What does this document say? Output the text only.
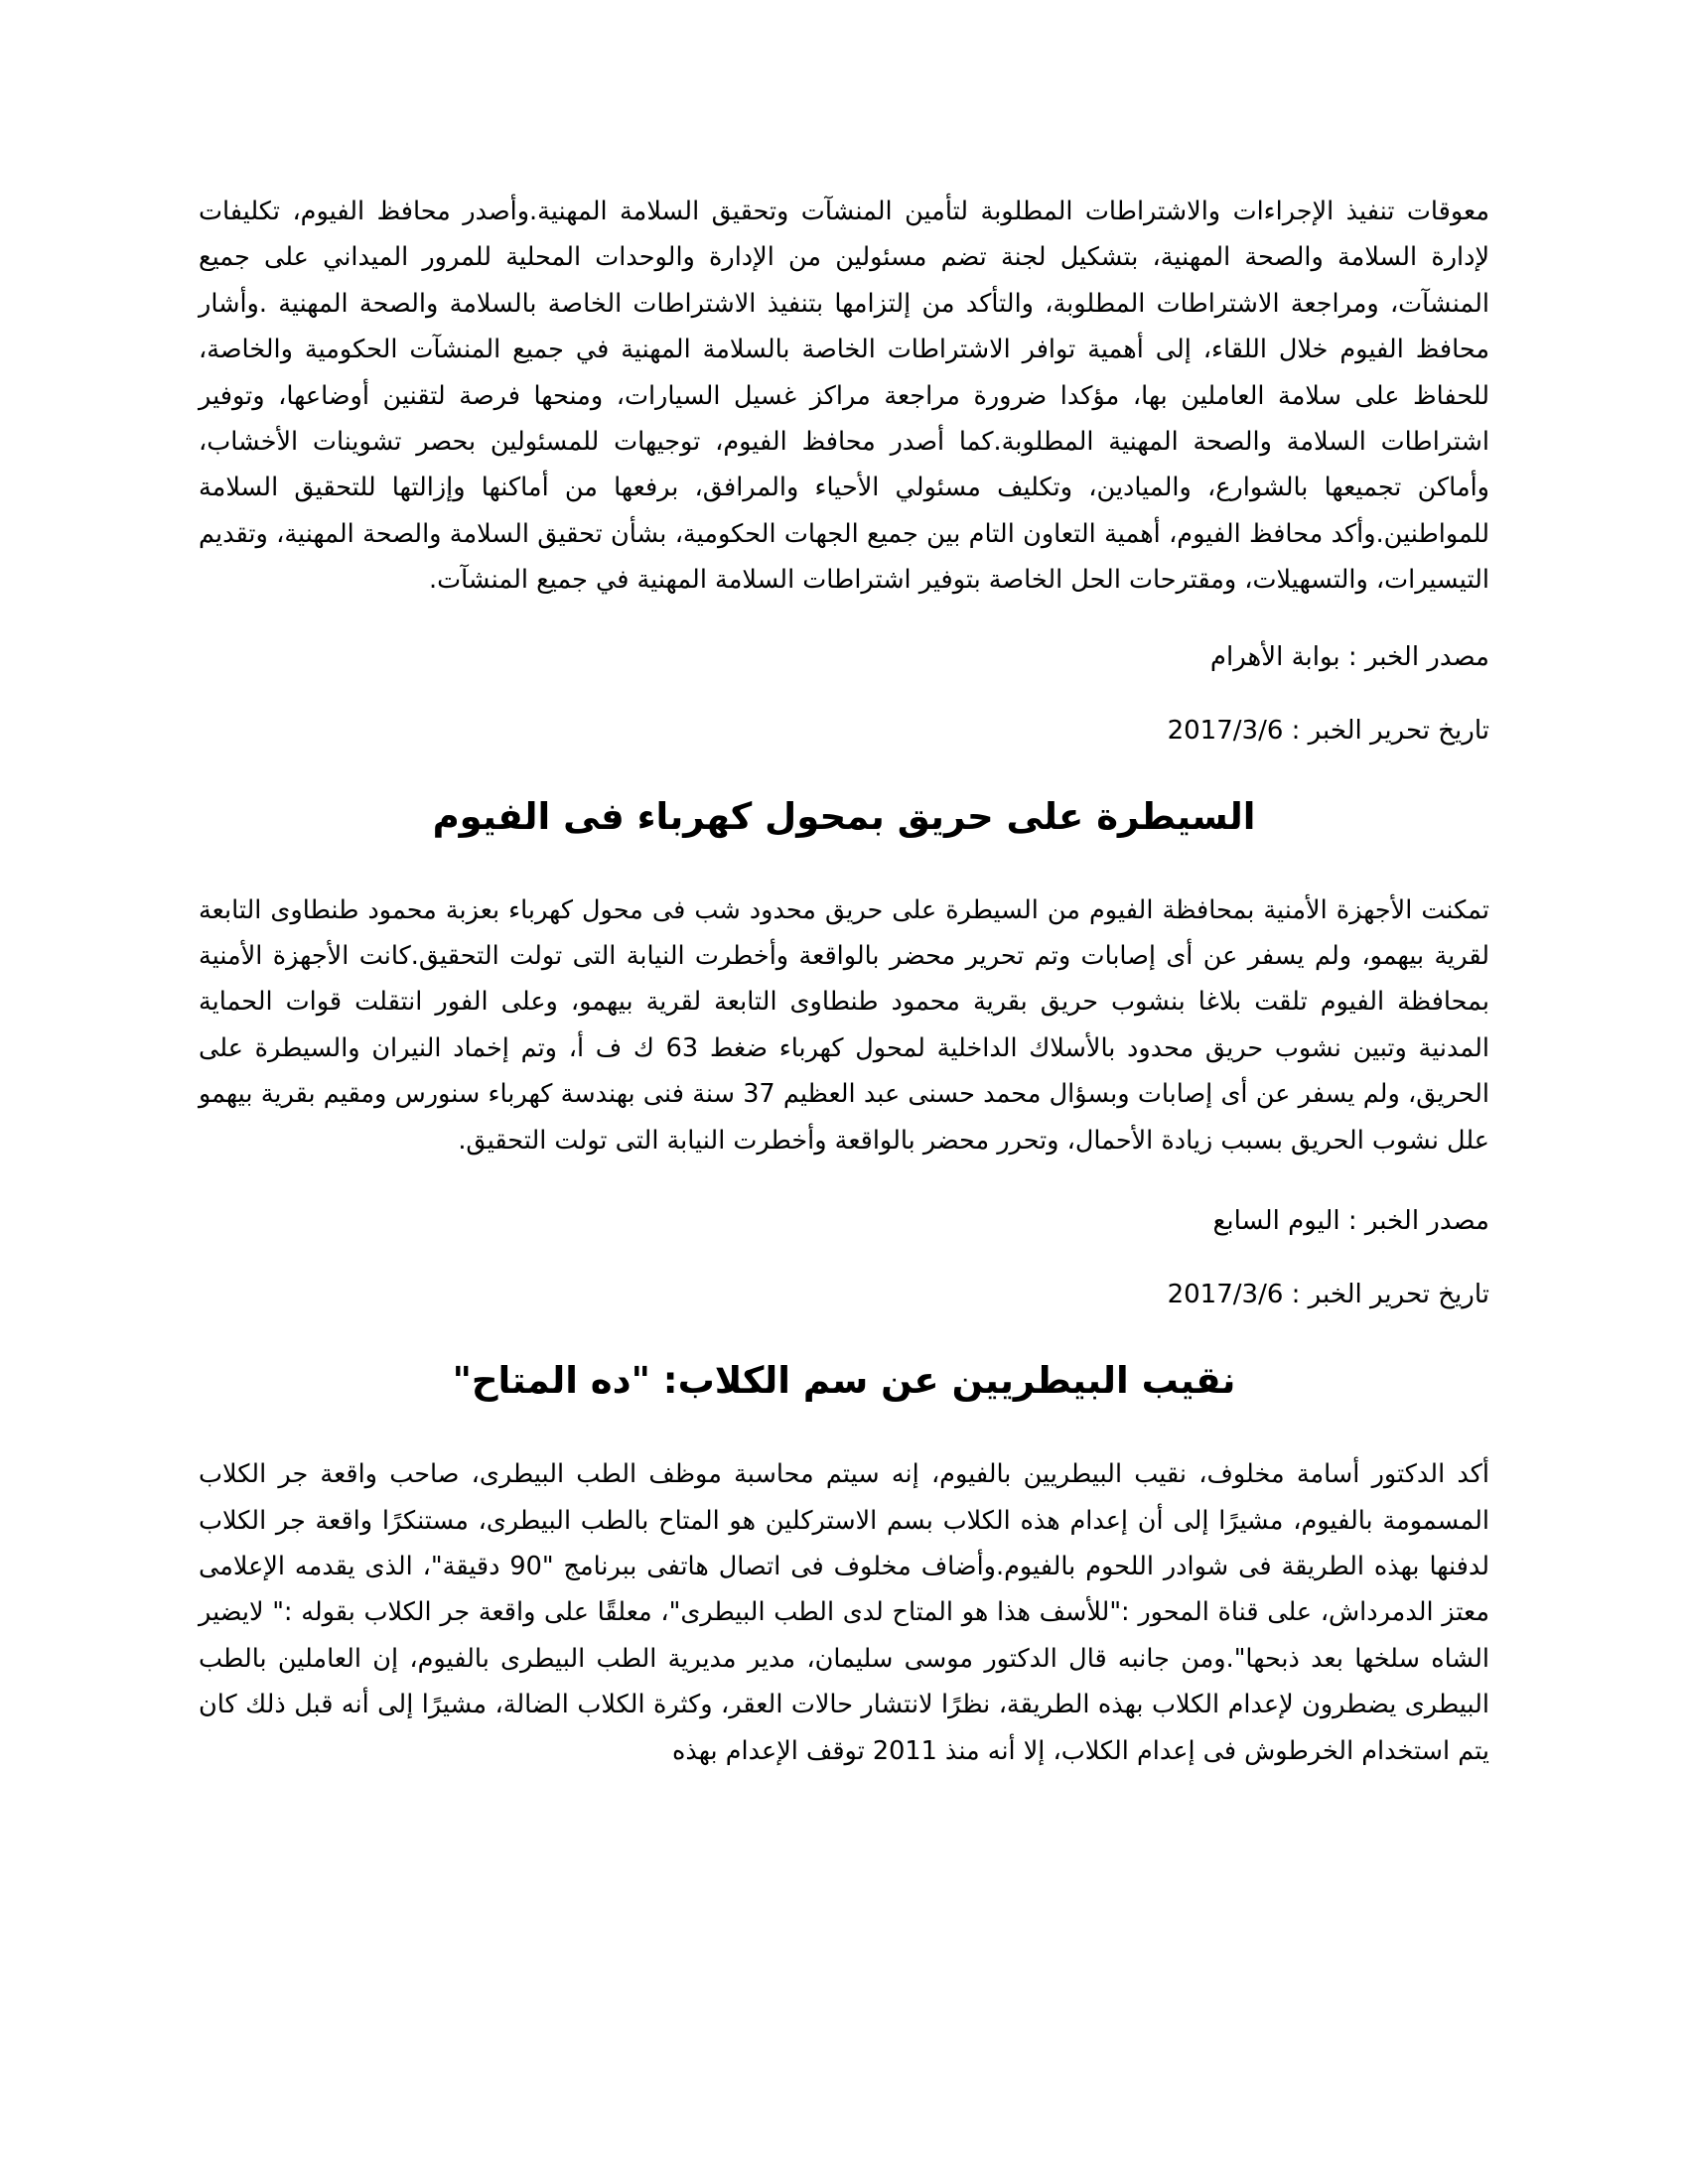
معوقات تنفيذ الإجراءات والاشتراطات المطلوبة لتأمين المنشآت وتحقيق السلامة المهنية.وأصدر محافظ الفيوم، تكليفات لإدارة السلامة والصحة المهنية، بتشكيل لجنة تضم مسئولين من الإدارة والوحدات المحلية للمرور الميداني على جميع المنشآت، ومراجعة الاشتراطات المطلوبة، والتأكد من إلتزامها بتنفيذ الاشتراطات الخاصة بالسلامة والصحة المهنية .وأشار محافظ الفيوم خلال اللقاء، إلى أهمية توافر الاشتراطات الخاصة بالسلامة المهنية في جميع المنشآت الحكومية والخاصة، للحفاظ على سلامة العاملين بها، مؤكدا ضرورة مراجعة مراكز غسيل السيارات، ومنحها فرصة لتقنين أوضاعها، وتوفير اشتراطات السلامة والصحة المهنية المطلوبة.كما أصدر محافظ الفيوم، توجيهات للمسئولين بحصر تشوينات الأخشاب، وأماكن تجميعها بالشوارع، والميادين، وتكليف مسئولي الأحياء والمرافق، برفعها من أماكنها وإزالتها للتحقيق السلامة للمواطنين.وأكد محافظ الفيوم، أهمية التعاون التام بين جميع الجهات الحكومية، بشأن تحقيق السلامة والصحة المهنية، وتقديم التيسيرات، والتسهيلات، ومقترحات الحل الخاصة بتوفير اشتراطات السلامة المهنية في جميع المنشآت.

مصدر الخبر : بوابة الأهرام

تاريخ تحرير الخبر : 2017/3/6

السيطرة على حريق بمحول كهرباء فى الفيوم

تمكنت الأجهزة الأمنية بمحافظة الفيوم من السيطرة على حريق محدود شب فى محول كهرباء بعزبة محمود طنطاوى التابعة لقرية بيهمو، ولم يسفر عن أى إصابات وتم تحرير محضر بالواقعة وأخطرت النيابة التى تولت التحقيق.كانت الأجهزة الأمنية بمحافظة الفيوم تلقت بلاغا بنشوب حريق بقرية محمود طنطاوى التابعة لقرية بيهمو، وعلى الفور انتقلت قوات الحماية المدنية وتبين نشوب حريق محدود بالأسلاك الداخلية لمحول كهرباء ضغط 63 ك ف أ، وتم إخماد النيران والسيطرة على الحريق، ولم يسفر عن أى إصابات وبسؤال محمد حسنى عبد العظيم 37 سنة فنى بهندسة كهرباء سنورس ومقيم بقرية بيهمو علل نشوب الحريق بسبب زيادة الأحمال، وتحرر محضر بالواقعة وأخطرت النيابة التى تولت التحقيق.

مصدر الخبر : اليوم السابع

تاريخ تحرير الخبر : 2017/3/6

نقيب البيطريين عن سم الكلاب: "ده المتاح"

أكد الدكتور أسامة مخلوف، نقيب البيطريين بالفيوم، إنه سيتم محاسبة موظف الطب البيطرى، صاحب واقعة جر الكلاب المسمومة بالفيوم، مشيرًا إلى أن إعدام هذه الكلاب بسم الاستركلين هو المتاح بالطب البيطرى، مستنكرًا واقعة جر الكلاب لدفنها بهذه الطريقة فى شوادر اللحوم بالفيوم.وأضاف مخلوف فى اتصال هاتفى ببرنامج "90 دقيقة"، الذى يقدمه الإعلامى معتز الدمرداش، على قناة المحور :"للأسف هذا هو المتاح لدى الطب البيطرى"، معلقًا على واقعة جر الكلاب بقوله :" لايضير الشاه سلخها بعد ذبحها".ومن جانبه قال الدكتور موسى سليمان، مدير مديرية الطب البيطرى بالفيوم، إن العاملين بالطب البيطرى يضطرون لإعدام الكلاب بهذه الطريقة، نظرًا لانتشار حالات العقر، وكثرة الكلاب الضالة، مشيرًا إلى أنه قبل ذلك كان يتم استخدام الخرطوش فى إعدام الكلاب، إلا أنه منذ 2011 توقف الإعدام بهذه
